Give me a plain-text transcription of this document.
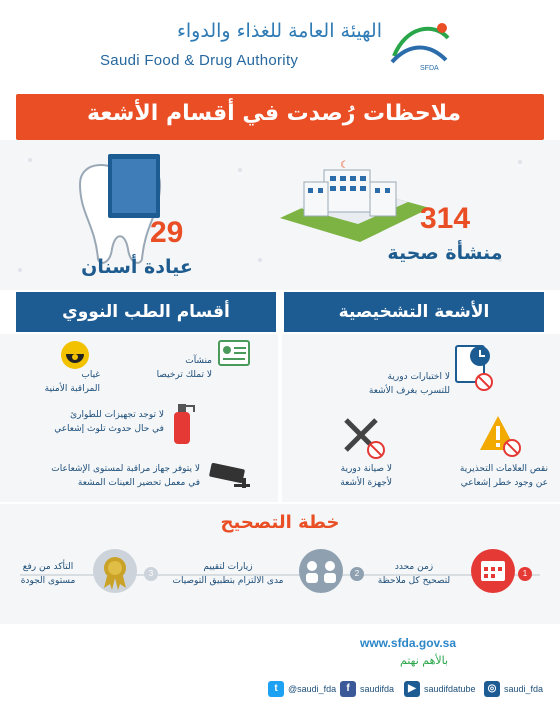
الهيئة العامة للغذاء والدواء
Saudi Food & Drug Authority	SFDA
ملاحظات رُصدت في أقسام الأشعة
29
عيادة أسنان
☾
314
منشأة صحية
أقسام الطب النووي	الأشعة التشخيصية
غياب
المراقبة الأمنية
منشآت
لا تملك ترخيصا
لا توجد تجهيزات للطوارئ
في حال حدوث تلوث إشعاعي
لا يتوفر جهاز مراقبة لمستوى الإشعاعات
في معمل تحضير العينات المشعة
لا اختبارات دورية
للتسرب بغرف الأشعة
لا صيانة دورية
لأجهزة الأشعة
نقص العلامات التحذيرية
عن وجود خطر إشعاعي
خطة التصحيح
1
زمن محدد
لتصحيح كل ملاحظة
2
زيارات لتقييم
مدى الالتزام بتطبيق التوصيات
3
التأكد من رفع
مستوى الجودة
www.sfda.gov.sa
بالأهم نهتم
t	@saudi_fda	f	saudifda	▶ saudifdatube	◎ saudi_fda
